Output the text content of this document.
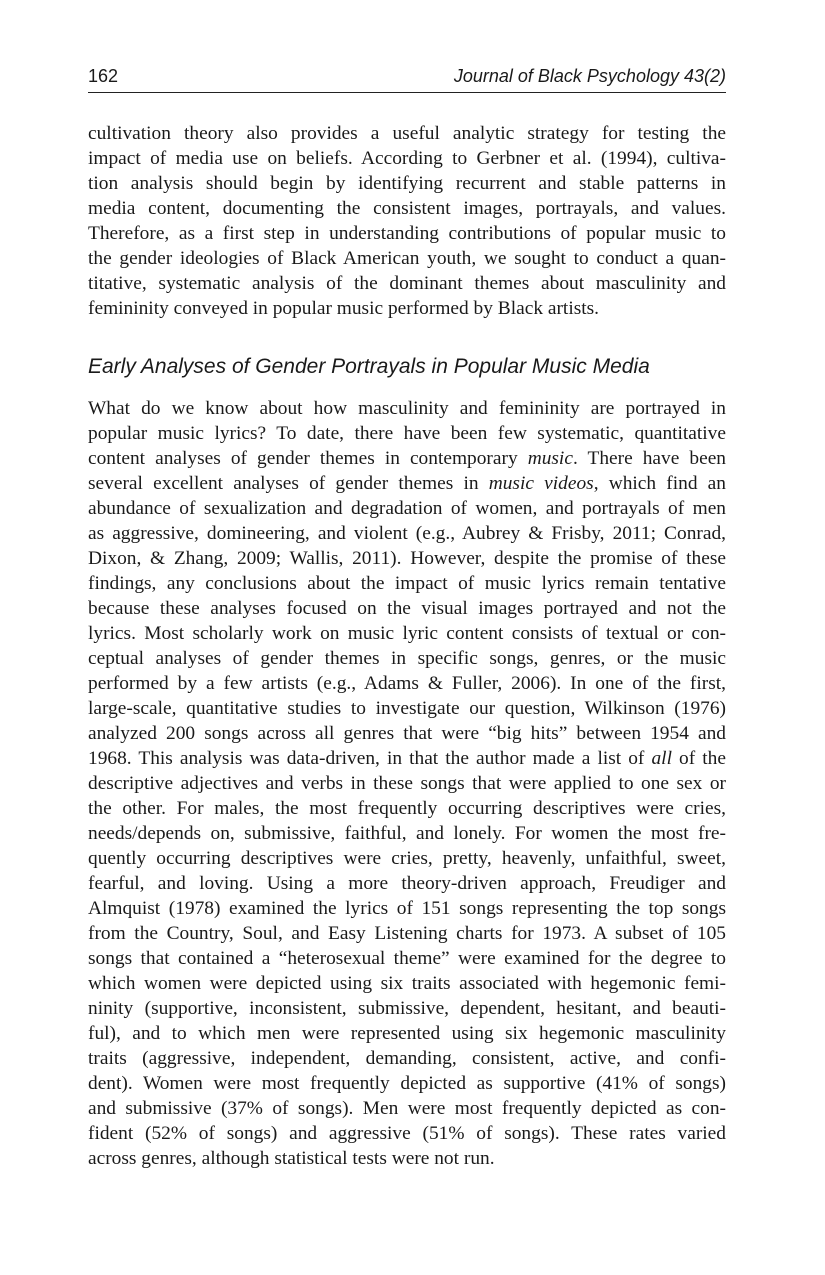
162	Journal of Black Psychology 43(2)
cultivation theory also provides a useful analytic strategy for testing the
impact of media use on beliefs. According to Gerbner et al. (1994), cultiva-
tion analysis should begin by identifying recurrent and stable patterns in
media content, documenting the consistent images, portrayals, and values.
Therefore, as a first step in understanding contributions of popular music to
the gender ideologies of Black American youth, we sought to conduct a quan-
titative, systematic analysis of the dominant themes about masculinity and
femininity conveyed in popular music performed by Black artists.
Early Analyses of Gender Portrayals in Popular Music Media
What do we know about how masculinity and femininity are portrayed in
popular music lyrics? To date, there have been few systematic, quantitative
content analyses of gender themes in contemporary music. There have been
several excellent analyses of gender themes in music videos, which find an
abundance of sexualization and degradation of women, and portrayals of men
as aggressive, domineering, and violent (e.g., Aubrey & Frisby, 2011; Conrad,
Dixon, & Zhang, 2009; Wallis, 2011). However, despite the promise of these
findings, any conclusions about the impact of music lyrics remain tentative
because these analyses focused on the visual images portrayed and not the
lyrics. Most scholarly work on music lyric content consists of textual or con-
ceptual analyses of gender themes in specific songs, genres, or the music
performed by a few artists (e.g., Adams & Fuller, 2006). In one of the first,
large-scale, quantitative studies to investigate our question, Wilkinson (1976)
analyzed 200 songs across all genres that were “big hits” between 1954 and
1968. This analysis was data-driven, in that the author made a list of all of the
descriptive adjectives and verbs in these songs that were applied to one sex or
the other. For males, the most frequently occurring descriptives were cries,
needs/depends on, submissive, faithful, and lonely. For women the most fre-
quently occurring descriptives were cries, pretty, heavenly, unfaithful, sweet,
fearful, and loving. Using a more theory-driven approach, Freudiger and
Almquist (1978) examined the lyrics of 151 songs representing the top songs
from the Country, Soul, and Easy Listening charts for 1973. A subset of 105
songs that contained a “heterosexual theme” were examined for the degree to
which women were depicted using six traits associated with hegemonic femi-
ninity (supportive, inconsistent, submissive, dependent, hesitant, and beauti-
ful), and to which men were represented using six hegemonic masculinity
traits (aggressive, independent, demanding, consistent, active, and confi-
dent). Women were most frequently depicted as supportive (41% of songs)
and submissive (37% of songs). Men were most frequently depicted as con-
fident (52% of songs) and aggressive (51% of songs). These rates varied
across genres, although statistical tests were not run.
